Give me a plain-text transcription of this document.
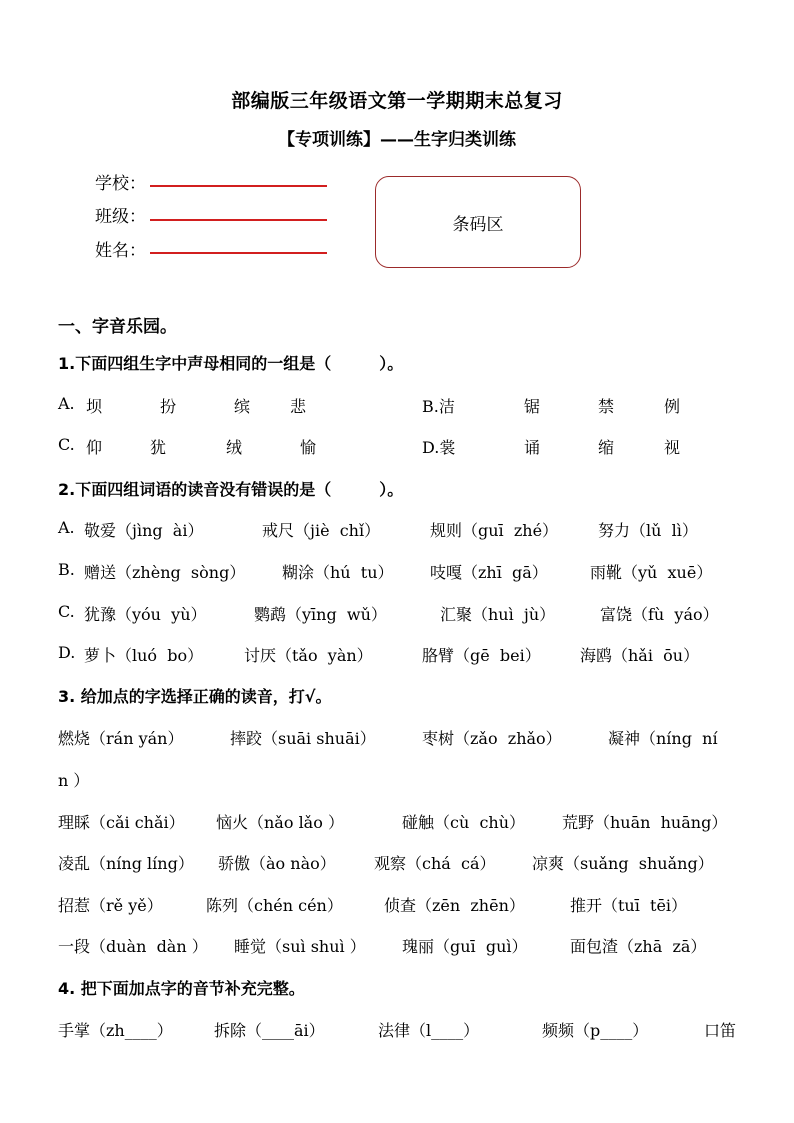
部编版三年级语文第一学期期末总复习
【专项训练】——生字归类训练
学校：
班级：
姓名：
条码区
一、字音乐园。
1.下面四组生字中声母相同的一组是（　　　）。
A. 坝	扮	缤 悲	B.洁	锯	禁	例
C. 仰	犹	绒	愉	D.裳	诵	缩	视
2.下面四组词语的读音没有错误的是（　　　）。
A. 敬爱（jìng  ài）	戒尺（jiè  chǐ）	规则（guī  zhé） 努力（lǔ  lì）
B. 赠送（zhèng  sòng） 糊涂（hú  tu） 吱嘎（zhī  gā）	雨靴（yǔ  xuē）
C. 犹豫（yóu  yù）	鹦鹉（yīng  wǔ）	汇聚（huì  jù）	富饶（fù  yáo）
D. 萝卜（luó  bo）	讨厌（tǎo  yàn）	胳臂（gē  bei） 海鸥（hǎi  ōu）
3. 给加点的字选择正确的读音，打√。
燃烧（rán yán）	摔跤（suāi shuāi）	枣树（zǎo  zhǎo）	凝神（níng  ní
n ）
理睬（cǎi chǎi） 恼火（nǎo lǎo ）	碰触（cù  chù） 荒野（huān  huāng）
凌乱（níng líng） 骄傲（ào nào） 观察（chá  cá） 凉爽（suǎng  shuǎng）
招惹（rě yě）	陈列（chén cén）	侦查（zēn  zhēn）	推开（tuī  tēi）
一段（duàn  dàn ） 睡觉（suì shuì ） 瑰丽（guī  guì）	面包渣（zhā  zā）
4. 把下面加点字的音节补充完整。
手掌（zh____）	拆除（____āi）	法律（l____）	频频（p____）	口笛
